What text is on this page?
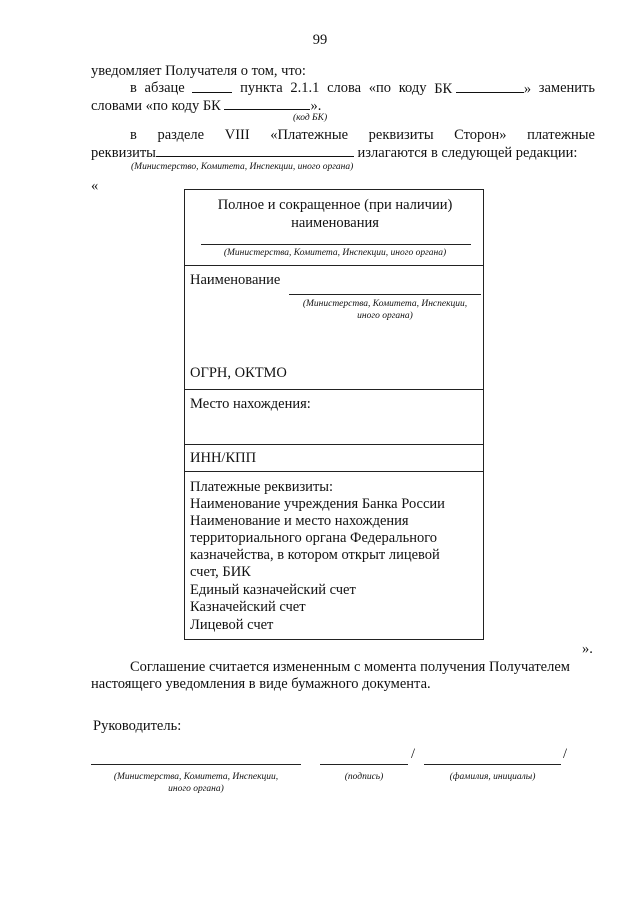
99
уведомляет Получателя о том, что:
в абзаце	пункта 2.1.1 слова «по коду БК	» заменить
словами «по коду БК	».
(код БК)
в разделе VIII «Платежные реквизиты Сторон» платежные
реквизиты	излагаются в следующей редакции:
(Министерство, Комитета, Инспекции, иного органа)
«
Полное и сокращенное (при наличии)
наименования
(Министерства, Комитета, Инспекции, иного органа)
Наименование
(Министерства, Комитета, Инспекции,
иного органа)
ОГРН, ОКТМО
Место нахождения:
ИНН/КПП
Платежные реквизиты:
Наименование учреждения Банка России
Наименование и место нахождения
территориального органа Федерального
казначейства, в котором открыт лицевой
счет, БИК
Единый казначейский счет
Казначейский счет
Лицевой счет
».
Соглашение считается измененным с момента получения Получателем
настоящего уведомления в виде бумажного документа.
Руководитель:
/	/
(Министерства, Комитета, Инспекции,
иного органа)
(подпись)	(фамилия, инициалы)
